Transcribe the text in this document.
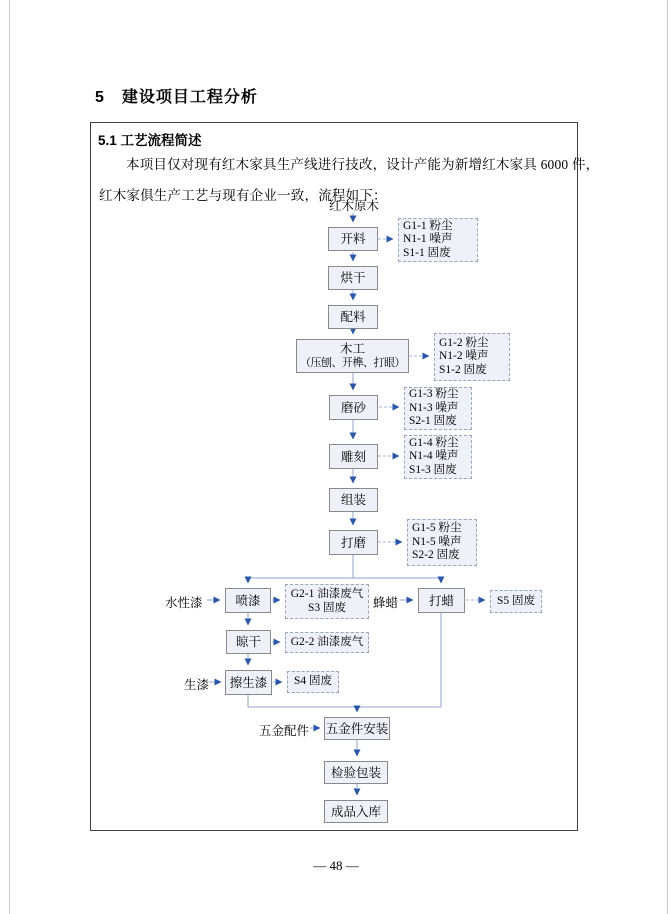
5　建设项目工程分析
5.1 工艺流程简述

本项目仅对现有红木家具生产线进行技改，设计产能为新增红木家具 6000 件，

红木家俱生产工艺与现有企业一致，流程如下：

红木原木
开料
烘干
配料
木工
（压刨、开榫、打眼）
磨砂
雕刻
组装
打磨
喷漆	打蜡
晾干
擦生漆
五金件安装
检验包装
成品入库
水性漆	蜂蜡
生漆
五金配件
G1-1 粉尘
N1-1 噪声
S1-1 固废
G1-2 粉尘
N1-2 噪声
S1-2 固废
G1-3 粉尘
N1-3 噪声
S2-1 固废
G1-4 粉尘
N1-4 噪声
S1-3 固废
G1-5 粉尘
N1-5 噪声
S2-2 固废
G2-1 油漆废气
S3 固废
S5 固废
G2-2 油漆废气
S4 固废
— 48 —
